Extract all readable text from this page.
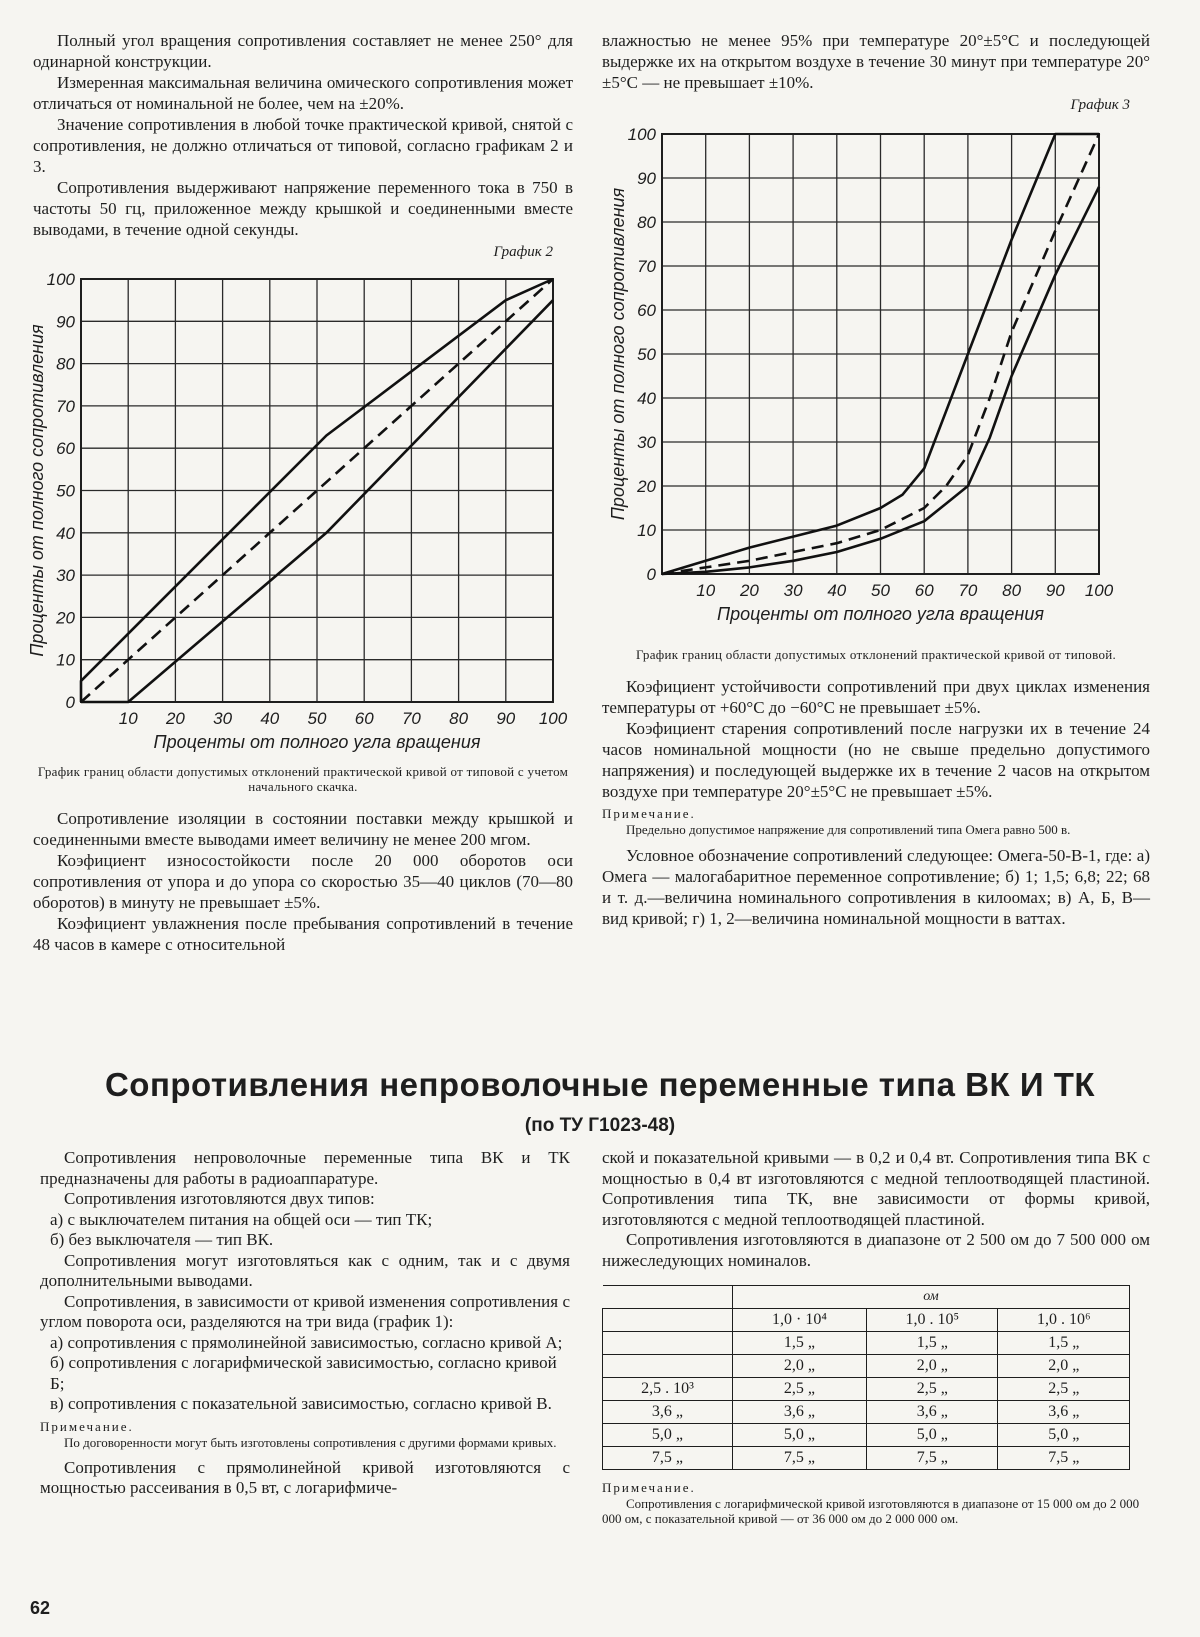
Полный угол вращения сопротивления составляет не менее 250° для одинарной конструкции.

Измеренная максимальная величина омического сопротивления может отличаться от номинальной не более, чем на ±20%.

Значение сопротивления в любой точке практической кривой, снятой с сопротивления, не должно отличаться от типовой, согласно графикам 2 и 3.

Сопротивления выдерживают напряжение переменного тока в 750 в частоты 50 гц, приложенное между крышкой и соединенными вместе выводами, в течение одной секунды.

График 2
0
10
20
30
40
50
60
70
80
90
100
10 20 30 40 50 60 70 80 90 100
Проценты от полного угла вращения
Проценты от полного сопротивления
График границ области допустимых отклонений практической кривой от типовой с учетом начального скачка.

Сопротивление изоляции в состоянии поставки между крышкой и соединенными вместе выводами имеет величину не менее 200 мгом.

Коэфициент износостойкости после 20 000 оборотов оси сопротивления от упора и до упора со скоростью 35—40 циклов (70—80 оборотов) в минуту не превышает ±5%.

Коэфициент увлажнения после пребывания сопротивлений в течение 48 часов в камере с относительной

влажностью не менее 95% при температуре 20°±5°С и последующей выдержке их на открытом воздухе в течение 30 минут при температуре 20°±5°С — не превышает ±10%.

График 3
0
10
20
30
40
50
60
70
80
90
100
10 20 30 40 50 60 70 80 90 100
Проценты от полного угла вращения
Проценты от полного сопротивления
График границ области допустимых отклонений практической кривой от типовой.

Коэфициент устойчивости сопротивлений при двух циклах изменения температуры от +60°С до −60°С не превышает ±5%.

Коэфициент старения сопротивлений после нагрузки их в течение 24 часов номинальной мощности (но не свыше предельно допустимого напряжения) и последующей выдержке их в течение 2 часов на открытом воздухе при температуре 20°±5°С не превышает ±5%.

Примечание.
Предельно допустимое напряжение для сопротивлений типа Омега равно 500 в.

Условное обозначение сопротивлений следующее: Омега-50-В-1, где: а) Омега — малогабаритное переменное сопротивление; б) 1; 1,5; 6,8; 22; 68 и т. д.—величина номинального сопротивления в килоомах; в) А, Б, В—вид кривой; г) 1, 2—величина номинальной мощности в ваттах.

Сопротивления непроволочные переменные типа ВК И ТК
(по ТУ Г1023-48)

Сопротивления непроволочные переменные типа ВК и ТК предназначены для работы в радиоаппаратуре.

Сопротивления изготовляются двух типов:

а) с выключателем питания на общей оси — тип ТК;

б) без выключателя — тип ВК.

Сопротивления могут изготовляться как с одним, так и с двумя дополнительными выводами.

Сопротивления, в зависимости от кривой изменения сопротивления с углом поворота оси, разделяются на три вида (график 1):

а) сопротивления с прямолинейной зависимостью, согласно кривой А;

б) сопротивления с логарифмической зависимостью, согласно кривой Б;

в) сопротивления с показательной зависимостью, согласно кривой В.

Примечание.
По договоренности могут быть изготовлены сопротивления с другими формами кривых.

Сопротивления с прямолинейной кривой изготовляются с мощностью рассеивания в 0,5 вт, с логарифмиче-

ской и показательной кривыми — в 0,2 и 0,4 вт. Сопротивления типа ВК с мощностью в 0,4 вт изготовляются с медной теплоотводящей пластиной. Сопротивления типа ТК, вне зависимости от формы кривой, изготовляются с медной теплоотводящей пластиной.

Сопротивления изготовляются в диапазоне от 2 500 ом до 7 500 000 ом нижеследующих номиналов.

	ом		
	1,0 · 10⁴	1,0 . 10⁵	1,0 . 10⁶
	1,5 „	1,5 „	1,5 „
	2,0 „	2,0 „	2,0 „
2,5 . 10³	2,5 „	2,5 „	2,5 „
3,6 „	3,6 „	3,6 „	3,6 „
5,0 „	5,0 „	5,0 „	5,0 „
7,5 „	7,5 „	7,5 „	7,5 „
Примечание.
Сопротивления с логарифмической кривой изготовляются в диапазоне от 15 000 ом до 2 000 000 ом, с показательной кривой — от 36 000 ом до 2 000 000 ом.
62
